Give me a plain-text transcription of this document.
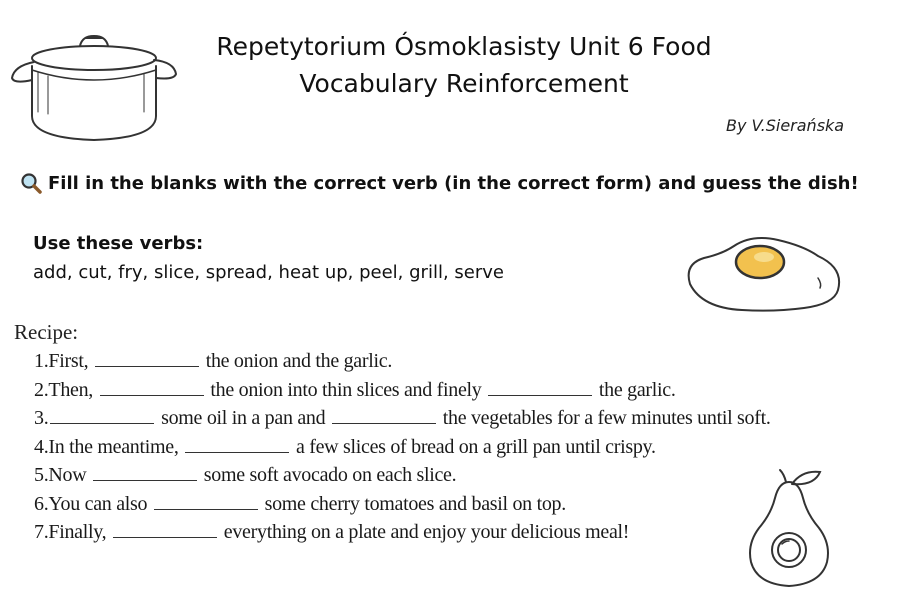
Repetytorium Ósmoklasisty Unit 6 Food
Vocabulary Reinforcement
By V.Sierańska
Fill in the blanks with the correct verb (in the correct form) and guess the dish!
Use these verbs:
add, cut, fry, slice, spread, heat up, peel, grill, serve
Recipe:
1.First,	the onion and the garlic.
2.Then,	the onion into thin slices and finely	the garlic.
3.	some oil in a pan and	the vegetables for a few minutes until soft.
4.In the meantime,	a few slices of bread on a grill pan until crispy.
5.Now	some soft avocado on each slice.
6.You can also	some cherry tomatoes and basil on top.
7.Finally,	everything on a plate and enjoy your delicious meal!
